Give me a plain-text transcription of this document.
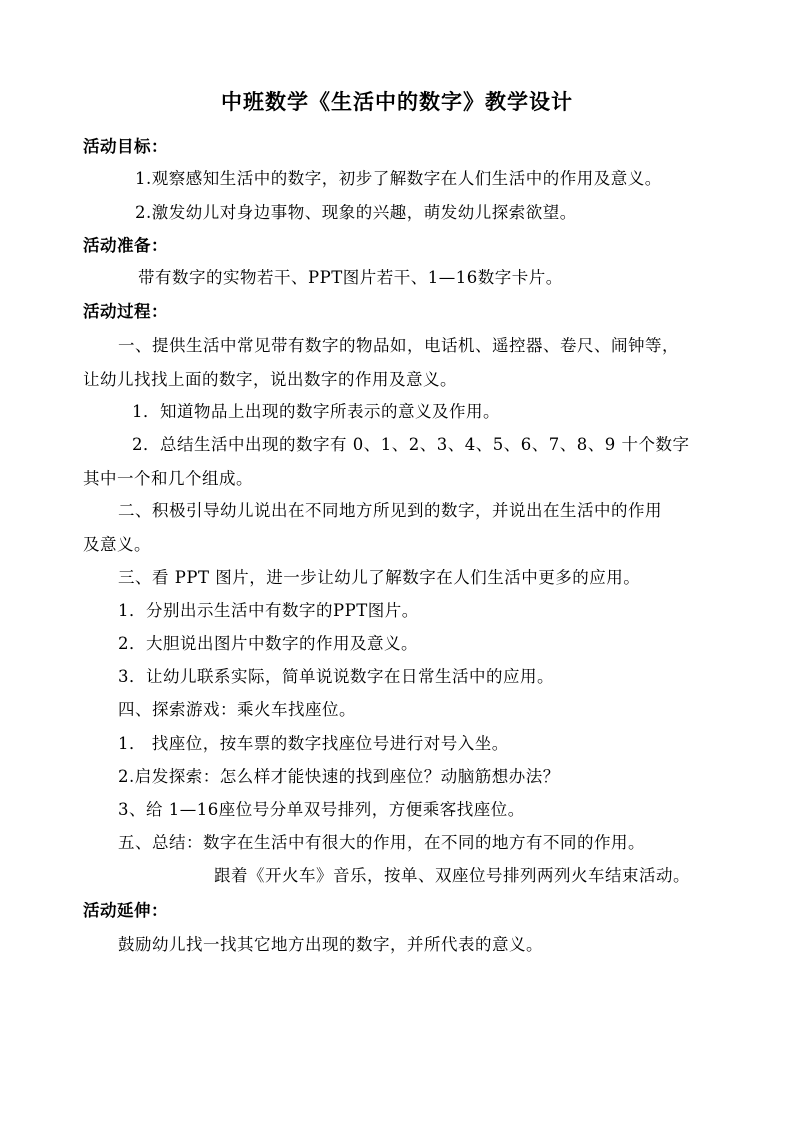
中班数学《生活中的数字》教学设计
活动目标：
1.观察感知生活中的数字，初步了解数字在人们生活中的作用及意义。
2.激发幼儿对身边事物、现象的兴趣，萌发幼儿探索欲望。
活动准备：
带有数字的实物若干、PPT图片若干、1—16数字卡片。
活动过程：
一、提供生活中常见带有数字的物品如，电话机、遥控器、卷尺、闹钟等，
让幼儿找找上面的数字，说出数字的作用及意义。
1．知道物品上出现的数字所表示的意义及作用。
2．总结生活中出现的数字有 0、1、2、3、4、5、6、7、8、9 十个数字
其中一个和几个组成。
二、积极引导幼儿说出在不同地方所见到的数字，并说出在生活中的作用
及意义。
三、看 PPT 图片，进一步让幼儿了解数字在人们生活中更多的应用。
1．分别出示生活中有数字的PPT图片。
2．大胆说出图片中数字的作用及意义。
3．让幼儿联系实际，简单说说数字在日常生活中的应用。
四、探索游戏：乘火车找座位。
1． 找座位，按车票的数字找座位号进行对号入坐。
2.启发探索：怎么样才能快速的找到座位？动脑筋想办法？
3、给 1—16座位号分单双号排列，方便乘客找座位。
五、总结：数字在生活中有很大的作用，在不同的地方有不同的作用。
跟着《开火车》音乐，按单、双座位号排列两列火车结束活动。
活动延伸：
鼓励幼儿找一找其它地方出现的数字，并所代表的意义。
